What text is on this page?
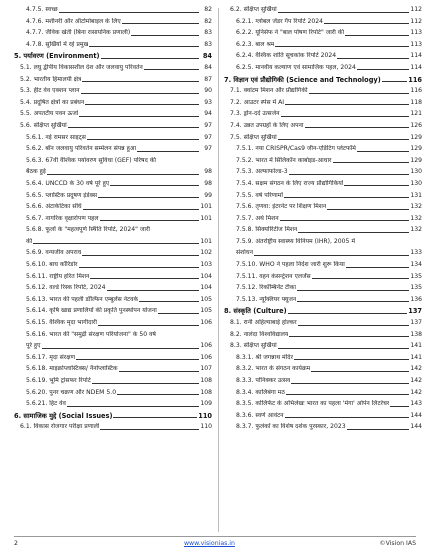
4.7.5. स्वच्छ	82
4.7.6. मशीनरी और ऑटोमोबाइल के लिए	82
4.7.7. जैविक खेती (बिना रासायनिक प्रणाली)	83
4.7.8. सुर्खियों में रहे प्रमुख	83
5. पर्यावरण (Environment)	84
5.1. लघु द्वीपीय विकासशील देश और जलवायु परिवर्तन	84
5.2. भारतीय हिमालयी क्षेत्र	87
5.3. हीट वेव एक्शन प्लान	90
5.4. प्रदूषित क्षेत्रों का प्रबंधन	93
5.5. अपतटीय पवन ऊर्जा	94
5.6. संक्षिप्त सुर्खियां	97
5.6.1. नई रामसर साइट्स	97
5.6.2. बॉन जलवायु परिवर्तन सम्मेलन संपन्न हुआ	97
5.6.3. 67वीं वैश्विक पर्यावरण सुविधा (GEF) परिषद की
बैठक हुई	98
5.6.4. UNCCD के 30 वर्ष पूरे हुए	98
5.6.5. प्लास्टिक प्रदूषण इंडेक्स	99
5.6.6. अंटार्कटिका संधि	101
5.6.7. नागरिक वृक्षारोपण पहल	101
5.6.8. फूलों के "महत्वपूर्ण स्थिति रिपोर्ट, 2024" जारी
की	101
5.6.9. वन्यजीव अपराध	102
5.6.10. बाघ कॉरिडोर	103
5.6.11. राष्ट्रीय हरित मिशन	104
5.6.12. वर्ल्ड रिस्क रिपोर्ट, 2024	104
5.6.13. भारत की पहली डॉल्फिन एम्बुलेंस नेटवर्क	105
5.6.14. कृषि खाद्य प्रणालियों की प्रकृति पुनर्स्थापन योजना	105
5.6.15. वैश्विक मृदा भागीदारी	106
5.6.16. भारत की "समुद्री संरक्षण परियोजना" के 50 वर्ष
पूरे हुए	106
5.6.17. मृदा संरक्षण	106
5.6.18. माइक्रोप्लास्टिक्स/ नैनोप्लास्टिक	107
5.6.19. भूमि ट्रांसफर रिपोर्ट	108
5.6.20. पुनर चक्रण और NDEM 5.0	108
5.6.21. हिट वेव	109
6. सामाजिक मुद्दे (Social Issues)	110
6.1. विकास रोजगार परीक्षा प्रणाली	110
6.2. संक्षिप्त सुर्खियां	112
6.2.1. ग्लोबल जेंडर गैप रिपोर्ट 2024	112
6.2.2. यूनिसेफ ने "बाल पोषण रिपोर्ट" जारी की	113
6.2.3. बाल श्रम	113
6.2.4. वैश्विक शांति सूचकांक रिपोर्ट 2024	114
6.2.5. मानवीय कल्याण एवं सामाजिक पहल, 2024	114
7. विज्ञान एवं प्रौद्योगिकी (Science and Technology)	116
7.1. क्वांटम मिशन और प्रौद्योगिकी	116
7.2. आउटर स्पेस में AI	118
7.3. ड्रोन-दर्द उत्सर्जन	121
7.4. उन्नत उपग्रहों के लिए अपना	126
7.5. संक्षिप्त सुर्खियां	129
7.5.1. नया CRISPR/Cas9 जीन-एडिटिंग प्लेटफॉर्म	129
7.5.2. भारत में सिलिकॉन कार्बाइड-आधार	129
7.5.3. अल्फाफोल्ड-3	130
7.5.4. सक्षम संगठन के लिए राज्य प्रौद्योगिकियों	130
7.5.5. वर्ष परिणामों	131
7.5.6. तृणवा: इंटरनेट पर शिक्षण मिशन	132
7.5.7. अर्थ मिशन	132
7.5.8. सिक्योरिटीज मिशन	132
7.5.9. अंतर्राष्ट्रीय स्वास्थ्य विनियम (IHR), 2005 में
संशोधन	133
7.5.10. WHO ने पहला निर्देश जारी शुरू किया	134
7.5.11. वहन कंसन्ट्रेशन एलर्जेंस	135
7.5.12. रिकॉम्बिनेंट टीका	135
7.5.13. न्यूक्लियर फ्यूजन	136
8. संस्कृति (Culture)	137
8.1. रानी अहिल्याबाई होल्कर	137
8.2. नालंदा विश्वविद्यालय	138
8.3. संक्षिप्त सुर्खियां	141
8.3.1. श्री जगन्नाथ मंदिर	141
8.3.2. भारत के संगठन कार्यक्रम	142
8.3.3. पोनिक्कर उत्सव	142
8.3.4. कालिबंगा मठ	142
8.3.5. कोलिफेंट के अभिलेखः भारत का पहला 'मेगा' ओपेन लिटरेचर	143
8.3.6. स्वर्ण आवंटन	144
8.3.7. फुलंकों का विशेष दर्शक पुरस्कार, 2023	144
2	www.visionias.in	©Vision IAS
